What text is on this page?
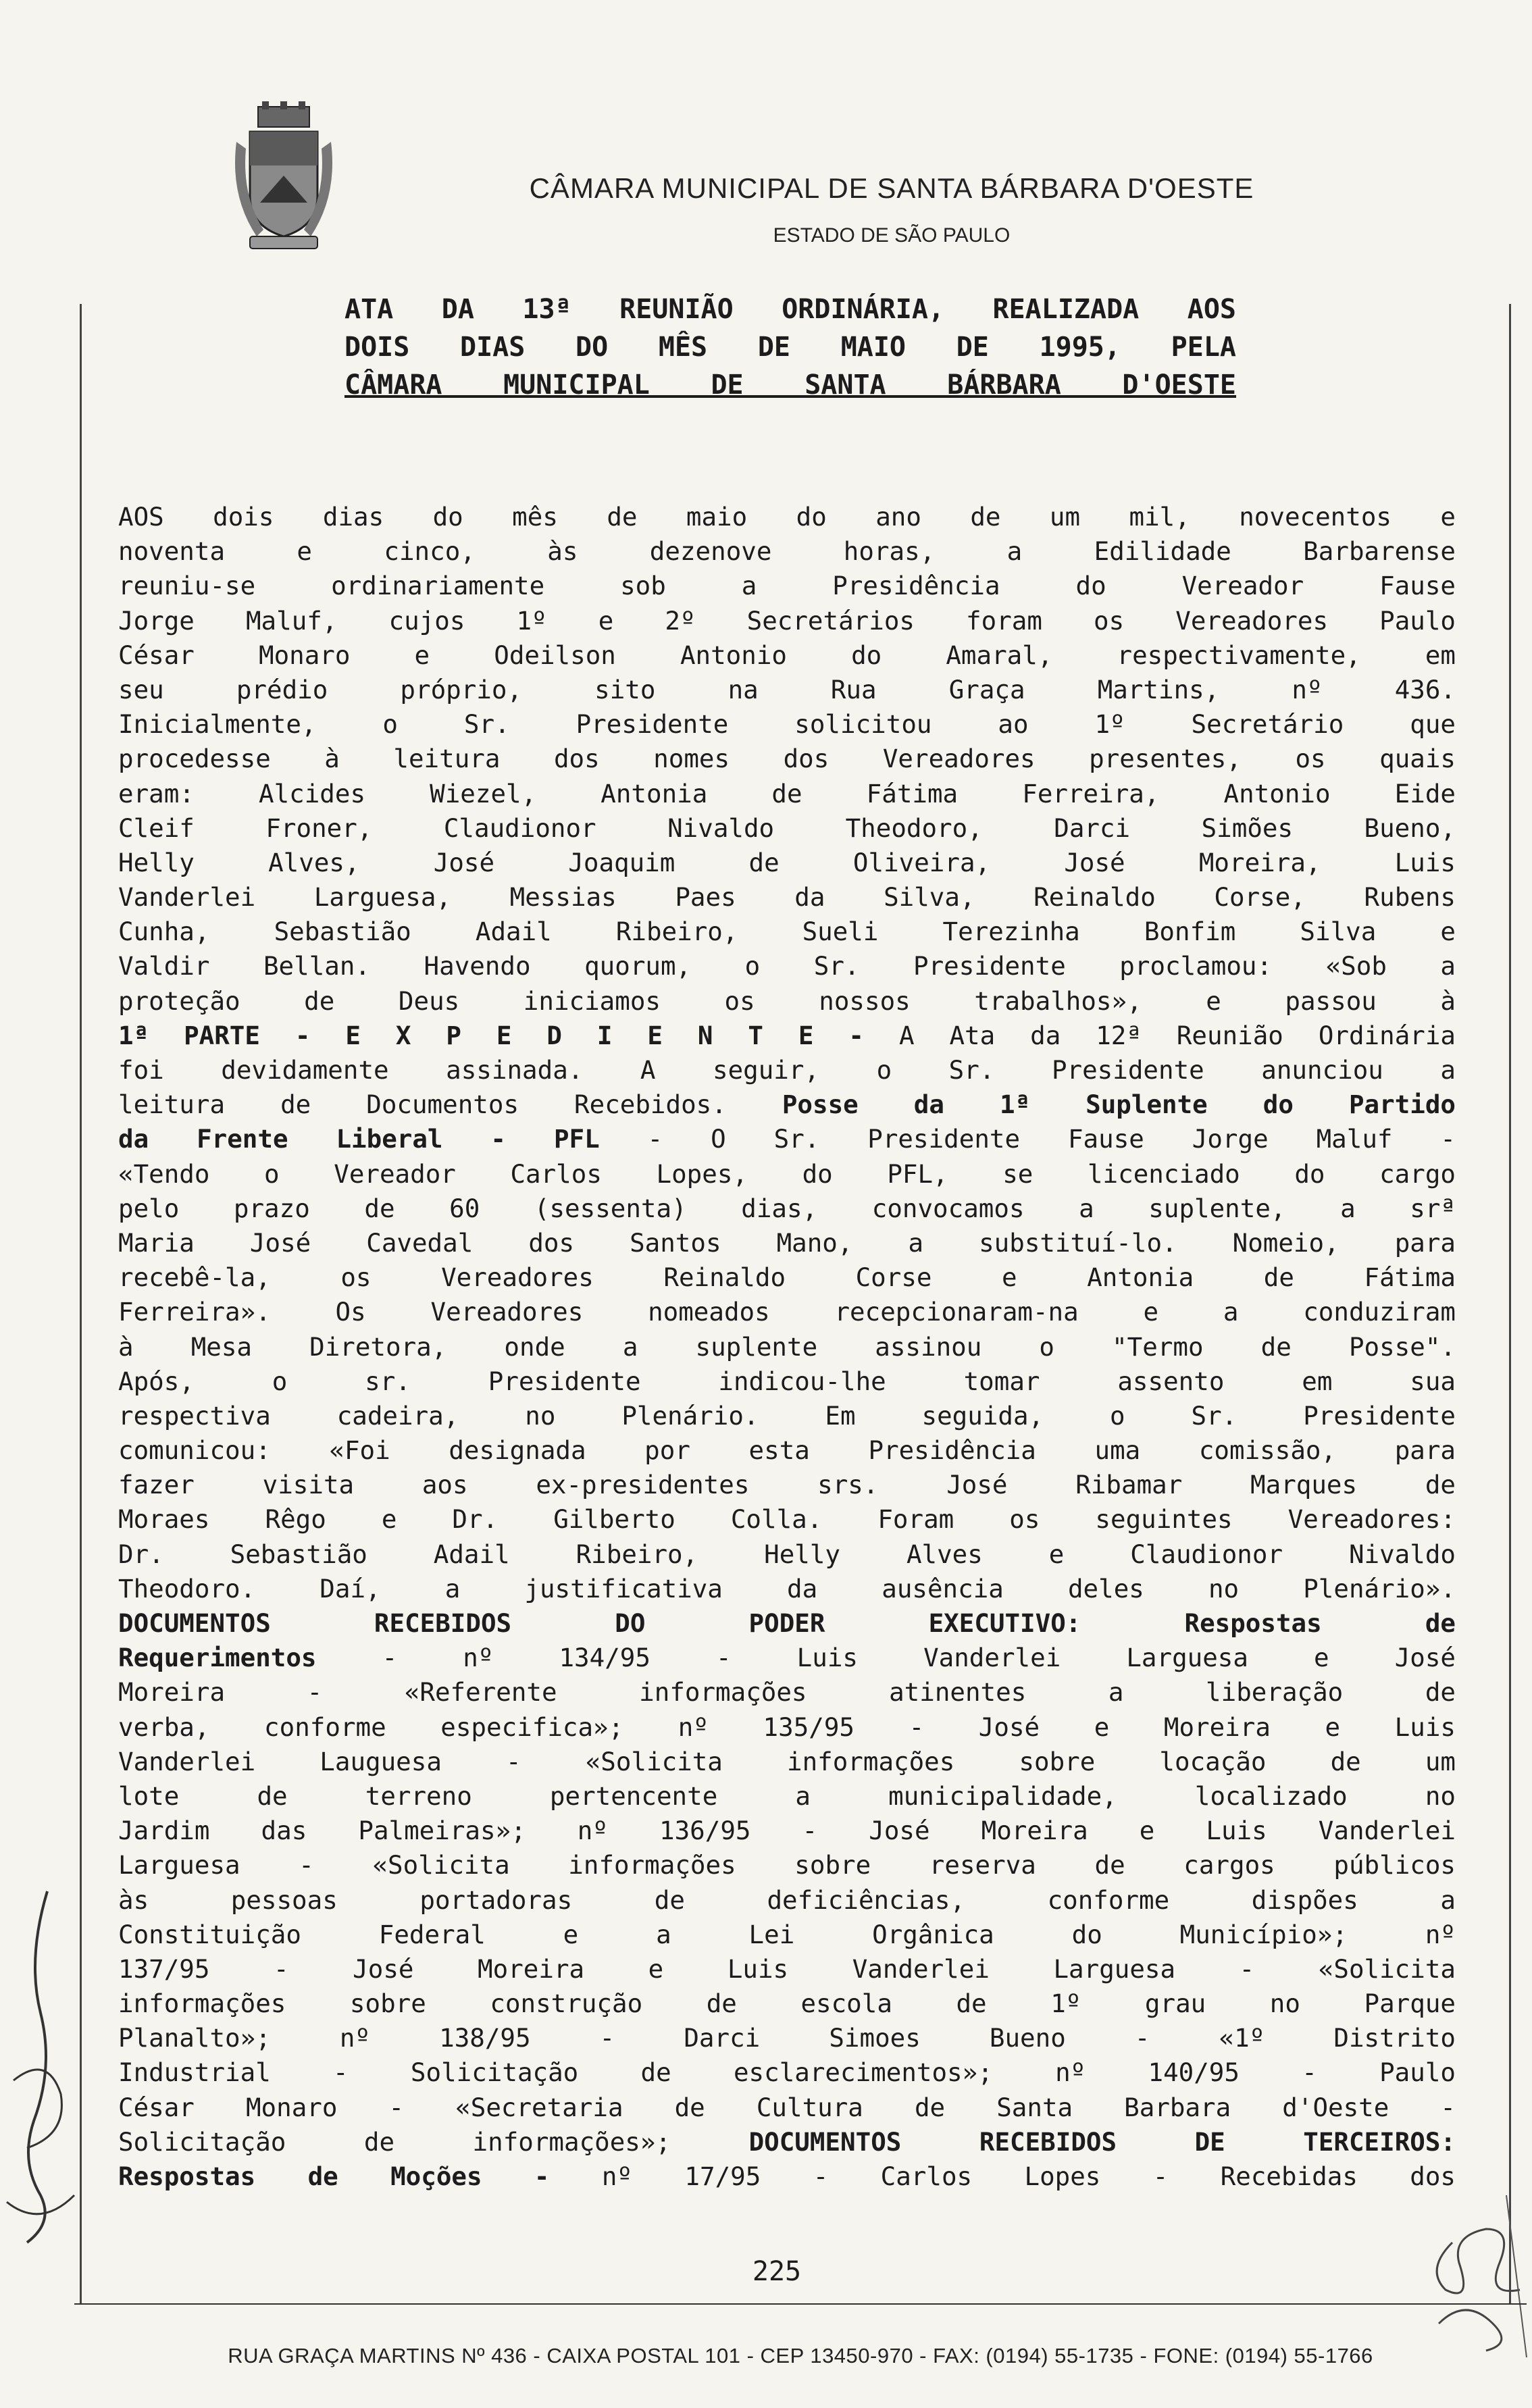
CÂMARA MUNICIPAL DE SANTA BÁRBARA D'OESTE
ESTADO DE SÃO PAULO
ATA DA 13ª REUNIÃO ORDINÁRIA, REALIZADA AOS
DOIS DIAS DO MÊS DE MAIO DE 1995, PELA
CÂMARA MUNICIPAL DE SANTA BÁRBARA D'OESTE
AOS dois dias do mês de maio do ano de um mil, novecentos e
noventa e cinco, às dezenove horas, a Edilidade Barbarense
reuniu-se ordinariamente sob a Presidência do Vereador Fause
Jorge Maluf, cujos 1º e 2º Secretários foram os Vereadores Paulo
César Monaro e Odeilson Antonio do Amaral, respectivamente, em
seu prédio próprio, sito na Rua Graça Martins, nº 436.
Inicialmente, o Sr. Presidente solicitou ao 1º Secretário que
procedesse à leitura dos nomes dos Vereadores presentes, os quais
eram: Alcides Wiezel, Antonia de Fátima Ferreira, Antonio Eide
Cleif Froner, Claudionor Nivaldo Theodoro, Darci Simões Bueno,
Helly Alves, José Joaquim de Oliveira, José Moreira, Luis
Vanderlei Larguesa, Messias Paes da Silva, Reinaldo Corse, Rubens
Cunha, Sebastião Adail Ribeiro, Sueli Terezinha Bonfim Silva e
Valdir Bellan. Havendo quorum, o Sr. Presidente proclamou: «Sob a
proteção de Deus iniciamos os nossos trabalhos», e passou à
1ª PARTE - E X P E D I E N T E - A Ata da 12ª Reunião Ordinária
foi devidamente assinada. A seguir, o Sr. Presidente anunciou a
leitura de Documentos Recebidos. Posse da 1ª Suplente do Partido
da Frente Liberal - PFL - O Sr. Presidente Fause Jorge Maluf -
«Tendo o Vereador Carlos Lopes, do PFL, se licenciado do cargo
pelo prazo de 60 (sessenta) dias, convocamos a suplente, a srª
Maria José Cavedal dos Santos Mano, a substituí-lo. Nomeio, para
recebê-la, os Vereadores Reinaldo Corse e Antonia de Fátima
Ferreira». Os Vereadores nomeados recepcionaram-na e a conduziram
à Mesa Diretora, onde a suplente assinou o "Termo de Posse".
Após, o sr. Presidente indicou-lhe tomar assento em sua
respectiva cadeira, no Plenário. Em seguida, o Sr. Presidente
comunicou: «Foi designada por esta Presidência uma comissão, para
fazer visita aos ex-presidentes srs. José Ribamar Marques de
Moraes Rêgo e Dr. Gilberto Colla. Foram os seguintes Vereadores:
Dr. Sebastião Adail Ribeiro, Helly Alves e Claudionor Nivaldo
Theodoro. Daí, a justificativa da ausência deles no Plenário».
DOCUMENTOS RECEBIDOS DO PODER EXECUTIVO: Respostas de
Requerimentos	- nº 134/95 - Luis Vanderlei Larguesa e José
Moreira - «Referente informações atinentes a liberação de
verba, conforme especifica»; nº 135/95 - José e Moreira e Luis
Vanderlei Lauguesa - «Solicita informações sobre locação de um
lote de terreno pertencente a municipalidade, localizado no
Jardim das Palmeiras»; nº 136/95 - José Moreira e Luis Vanderlei
Larguesa - «Solicita informações sobre reserva de cargos públicos
às pessoas portadoras de deficiências, conforme dispões a
Constituição Federal e a Lei Orgânica do Município»; nº
137/95 - José Moreira e Luis Vanderlei Larguesa - «Solicita
informações sobre construção de escola de 1º grau no Parque
Planalto»; nº 138/95 - Darci Simoes Bueno - «1º Distrito
Industrial - Solicitação de esclarecimentos»; nº 140/95 - Paulo
César Monaro - «Secretaria de Cultura de Santa Barbara d'Oeste -
Solicitação de informações»;	DOCUMENTOS RECEBIDOS DE TERCEIROS:
Respostas de Moções - nº 17/95 - Carlos Lopes - Recebidas dos
225
RUA GRAÇA MARTINS Nº 436 - CAIXA POSTAL 101 - CEP 13450-970 - FAX: (0194) 55-1735 - FONE: (0194) 55-1766
